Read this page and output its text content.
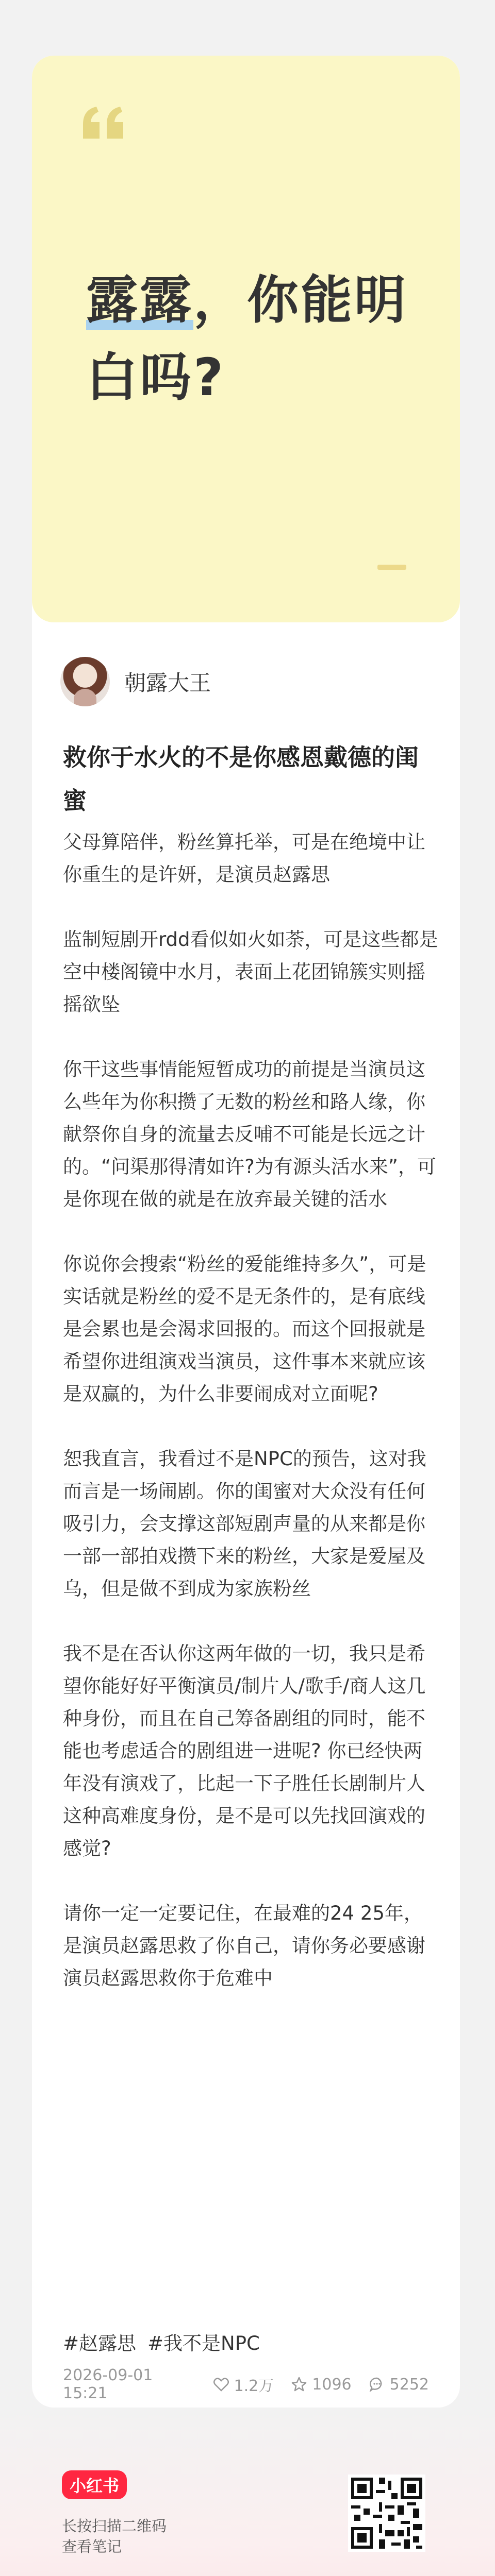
露露，你能明白吗?
朝露大王
救你于水火的不是你感恩戴德的闺蜜

父母算陪伴，粉丝算托举，可是在绝境中让你重生的是许妍，是演员赵露思

监制短剧开rdd看似如火如荼，可是这些都是空中楼阁镜中水月，表面上花团锦簇实则摇摇欲坠

你干这些事情能短暂成功的前提是当演员这么些年为你积攒了无数的粉丝和路人缘，你献祭你自身的流量去反哺不可能是长远之计的。“问渠那得清如许?为有源头活水来”，可是你现在做的就是在放弃最关键的活水

你说你会搜索“粉丝的爱能维持多久”，可是实话就是粉丝的爱不是无条件的，是有底线是会累也是会渴求回报的。而这个回报就是希望你进组演戏当演员，这件事本来就应该是双赢的，为什么非要闹成对立面呢?

恕我直言，我看过不是NPC的预告，这对我而言是一场闹剧。你的闺蜜对大众没有任何吸引力，会支撑这部短剧声量的从来都是你一部一部拍戏攒下来的粉丝，大家是爱屋及乌，但是做不到成为家族粉丝

我不是在否认你这两年做的一切，我只是希望你能好好平衡演员/制片人/歌手/商人这几种身份，而且在自己筹备剧组的同时，能不能也考虑适合的剧组进一进呢? 你已经快两年没有演戏了，比起一下子胜任长剧制片人这种高难度身份，是不是可以先找回演戏的感觉?

请你一定一定要记住，在最难的24 25年，是演员赵露思救了你自己，请你务必要感谢演员赵露思救你于危难中

#赵露思 #我不是NPC
2026-09-01 15:21	1.2万 1096 5252
小红书
长按扫描二维码
查看笔记
